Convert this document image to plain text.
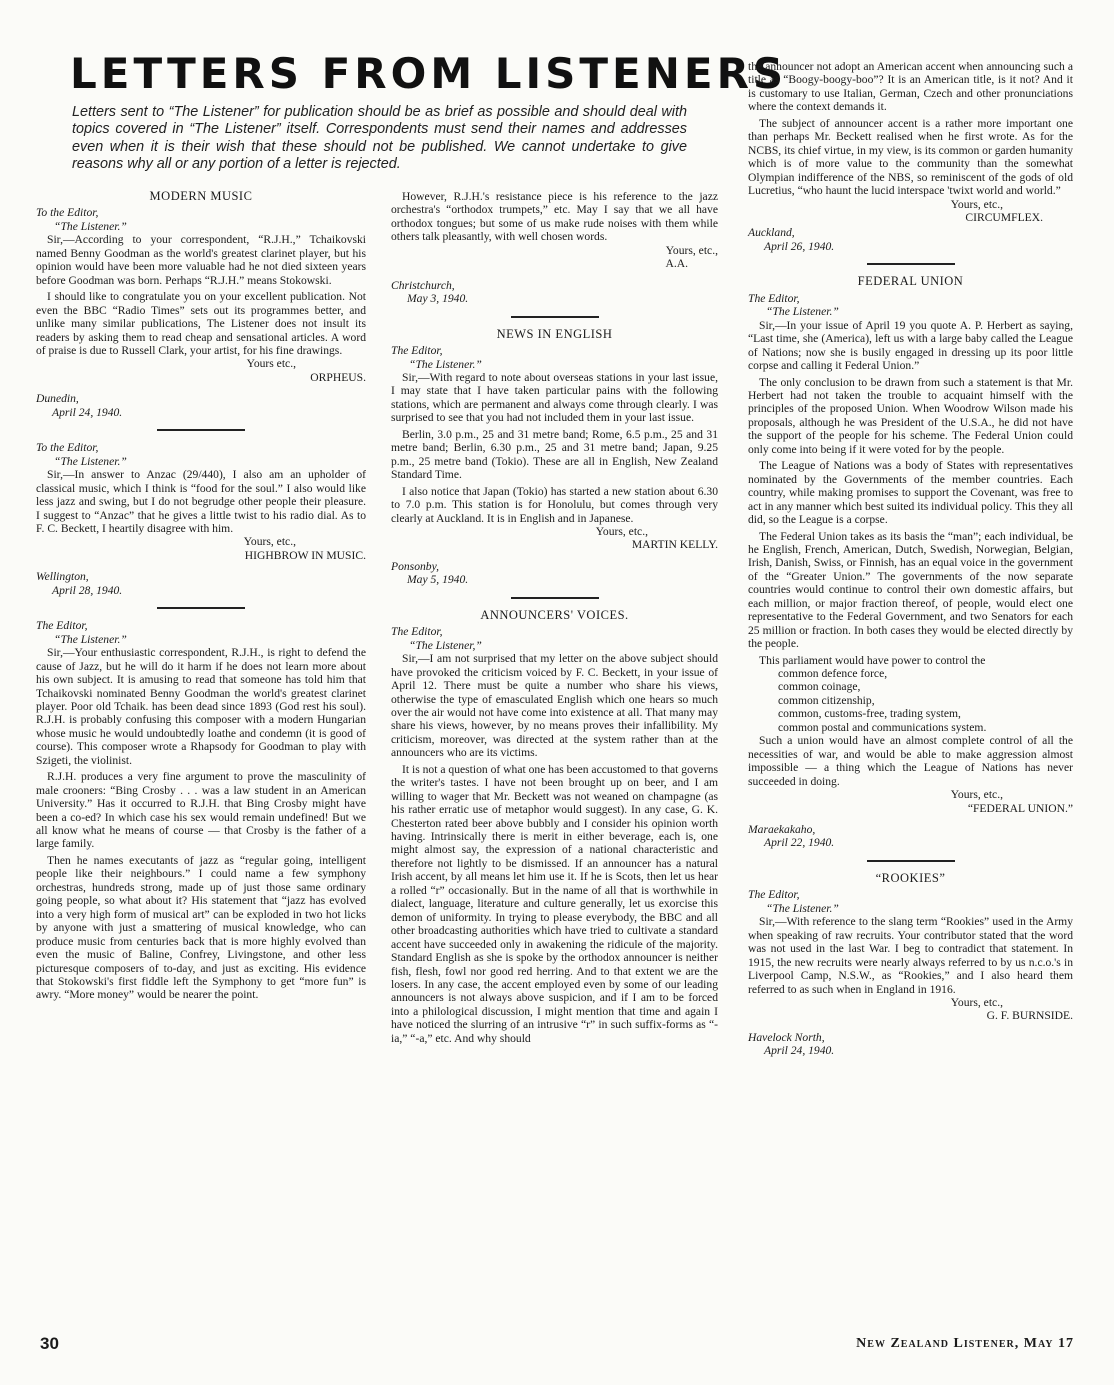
LETTERS FROM LISTENERS
Letters sent to “The Listener” for publication should be as brief as possible and should deal with topics covered in “The Listener” itself. Correspondents must send their names and addresses even when it is their wish that these should not be published. We cannot undertake to give reasons why all or any portion of a letter is rejected.
MODERN MUSIC
To the Editor,
“The Listener.”

Sir,—According to your correspondent, “R.J.H.,” Tchaikovski named Benny Goodman as the world's greatest clarinet player, but his opinion would have been more valuable had he not died sixteen years before Goodman was born. Perhaps “R.J.H.” means Stokowski.

I should like to congratulate you on your excellent publication. Not even the BBC “Radio Times” sets out its programmes better, and unlike many similar publications, The Listener does not insult its readers by asking them to read cheap and sensational articles. A word of praise is due to Russell Clark, your artist, for his fine drawings.

Yours etc.,
ORPHEUS.
Dunedin,
April 24, 1940.
To the Editor,
“The Listener.”

Sir,—In answer to Anzac (29/440), I also am an upholder of classical music, which I think is “food for the soul.” I also would like less jazz and swing, but I do not begrudge other people their pleasure. I suggest to “Anzac” that he gives a little twist to his radio dial. As to F. C. Beckett, I heartily disagree with him.

Yours, etc.,
HIGHBROW IN MUSIC.
Wellington,
April 28, 1940.
The Editor,
“The Listener.”

Sir,—Your enthusiastic correspondent, R.J.H., is right to defend the cause of Jazz, but he will do it harm if he does not learn more about his own subject. It is amusing to read that someone has told him that Tchaikovski nominated Benny Goodman the world's greatest clarinet player. Poor old Tchaik. has been dead since 1893 (God rest his soul). R.J.H. is probably confusing this composer with a modern Hungarian whose music he would undoubtedly loathe and condemn (it is good of course). This composer wrote a Rhapsody for Goodman to play with Szigeti, the violinist.

R.J.H. produces a very fine argument to prove the masculinity of male crooners: “Bing Crosby . . . was a law student in an American University.” Has it occurred to R.J.H. that Bing Crosby might have been a co-ed? In which case his sex would remain undefined! But we all know what he means of course — that Crosby is the father of a large family.

Then he names executants of jazz as “regular going, intelligent people like their neighbours.” I could name a few symphony orchestras, hundreds strong, made up of just those same ordinary going people, so what about it? His statement that “jazz has evolved into a very high form of musical art” can be exploded in two hot licks by anyone with just a smattering of musical knowledge, who can produce music from centuries back that is more highly evolved than even the music of Baline, Confrey, Livingstone, and other less picturesque composers of to-day, and just as exciting. His evidence that Stokowski's first fiddle left the Symphony to get “more fun” is awry. “More money” would be nearer the point.

However, R.J.H.'s resistance piece is his reference to the jazz orchestra's “orthodox trumpets,” etc. May I say that we all have orthodox tongues; but some of us make rude noises with them while others talk pleasantly, with well chosen words.

Yours, etc.,
A.A.
Christchurch,
May 3, 1940.
NEWS IN ENGLISH
The Editor,
“The Listener.”

Sir,—With regard to note about overseas stations in your last issue, I may state that I have taken particular pains with the following stations, which are permanent and always come through clearly. I was surprised to see that you had not included them in your last issue.

Berlin, 3.0 p.m., 25 and 31 metre band; Rome, 6.5 p.m., 25 and 31 metre band; Berlin, 6.30 p.m., 25 and 31 metre band; Japan, 9.25 p.m., 25 metre band (Tokio). These are all in English, New Zealand Standard Time.

I also notice that Japan (Tokio) has started a new station about 6.30 to 7.0 p.m. This station is for Honolulu, but comes through very clearly at Auckland. It is in English and in Japanese.

Yours, etc.,
MARTIN KELLY.
Ponsonby,
May 5, 1940.
ANNOUNCERS' VOICES.
The Editor,
“The Listener,”

Sir,—I am not surprised that my letter on the above subject should have provoked the criticism voiced by F. C. Beckett, in your issue of April 12. There must be quite a number who share his views, otherwise the type of emasculated English which one hears so much over the air would not have come into existence at all. That many may share his views, however, by no means proves their infallibility. My criticism, moreover, was directed at the system rather than at the announcers who are its victims.

It is not a question of what one has been accustomed to that governs the writer's tastes. I have not been brought up on beer, and I am willing to wager that Mr. Beckett was not weaned on champagne (as his rather erratic use of metaphor would suggest). In any case, G. K. Chesterton rated beer above bubbly and I consider his opinion worth having. Intrinsically there is merit in either beverage, each is, one might almost say, the expression of a national characteristic and therefore not lightly to be dismissed. If an announcer has a natural Irish accent, by all means let him use it. If he is Scots, then let us hear a rolled “r” occasionally. But in the name of all that is worthwhile in dialect, language, literature and culture generally, let us exorcise this demon of uniformity. In trying to please everybody, the BBC and all other broadcasting authorities which have tried to cultivate a standard accent have succeeded only in awakening the ridicule of the majority. Standard English as she is spoke by the orthodox announcer is neither fish, flesh, fowl nor good red herring. And to that extent we are the losers. In any case, the accent employed even by some of our leading announcers is not always above suspicion, and if I am to be forced into a philological discussion, I might mention that time and again I have noticed the slurring of an intrusive “r” in such suffix-forms as “-ia,” “-a,” etc. And why should

the announcer not adopt an American accent when announcing such a title as “Boogy-boogy-boo”? It is an American title, is it not? And it is customary to use Italian, German, Czech and other pronunciations where the context demands it.

The subject of announcer accent is a rather more important one than perhaps Mr. Beckett realised when he first wrote. As for the NCBS, its chief virtue, in my view, is its common or garden humanity which is of more value to the community than the somewhat Olympian indifference of the NBS, so reminiscent of the gods of old Lucretius, “who haunt the lucid interspace 'twixt world and world.”

Yours, etc.,
CIRCUMFLEX.
Auckland,
April 26, 1940.
FEDERAL UNION
The Editor,
“The Listener.”

Sir,—In your issue of April 19 you quote A. P. Herbert as saying, “Last time, she (America), left us with a large baby called the League of Nations; now she is busily engaged in dressing up its poor little corpse and calling it Federal Union.”

The only conclusion to be drawn from such a statement is that Mr. Herbert had not taken the trouble to acquaint himself with the principles of the proposed Union. When Woodrow Wilson made his proposals, although he was President of the U.S.A., he did not have the support of the people for his scheme. The Federal Union could only come into being if it were voted for by the people.

The League of Nations was a body of States with representatives nominated by the Governments of the member countries. Each country, while making promises to support the Covenant, was free to act in any manner which best suited its individual policy. This they all did, so the League is a corpse.

The Federal Union takes as its basis the “man”; each individual, be he English, French, American, Dutch, Swedish, Norwegian, Belgian, Irish, Danish, Swiss, or Finnish, has an equal voice in the government of the “Greater Union.” The governments of the now separate countries would continue to control their own domestic affairs, but each million, or major fraction thereof, of people, would elect one representative to the Federal Government, and two Senators for each 25 million or fraction. In both cases they would be elected directly by the people.

This parliament would have power to control the

common defence force,
common coinage,
common citizenship,
common, customs-free, trading system,
common postal and communications system.

Such a union would have an almost complete control of all the necessities of war, and would be able to make aggression almost impossible — a thing which the League of Nations has never succeeded in doing.

Yours, etc.,
“FEDERAL UNION.”
Maraekakaho,
April 22, 1940.
“ROOKIES”
The Editor,
“The Listener.”

Sir,—With reference to the slang term “Rookies” used in the Army when speaking of raw recruits. Your contributor stated that the word was not used in the last War. I beg to contradict that statement. In 1915, the new recruits were nearly always referred to by us n.c.o.'s in Liverpool Camp, N.S.W., as “Rookies,” and I also heard them referred to as such when in England in 1916.

Yours, etc.,
G. F. BURNSIDE.
Havelock North,
April 24, 1940.
30	New Zealand Listener, May 17
